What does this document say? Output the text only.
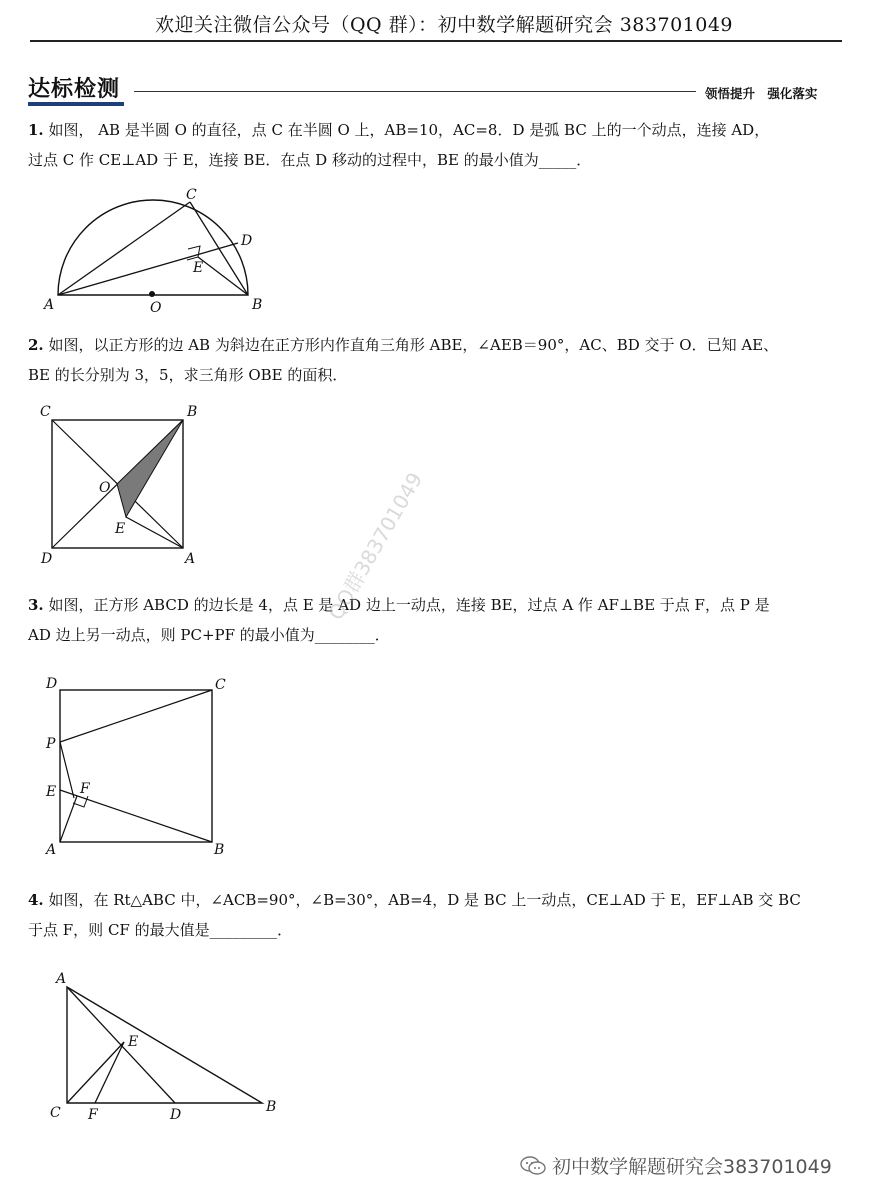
欢迎关注微信公众号（QQ 群）：初中数学解题研究会 383701049
达标检测	领悟提升 强化落实
1. 如图， AB 是半圆 O 的直径，点 C 在半圆 O 上，AB=10，AC=8．D 是弧 BC 上的一个动点，连接 AD，
过点 C 作 CE⊥AD 于 E，连接 BE．在点 D 移动的过程中，BE 的最小值为_____．
A	B
C
D
E
O
2. 如图，以正方形的边 AB 为斜边在正方形内作直角三角形 ABE，∠AEB＝90°，AC、BD 交于 O．已知 AE、
BE 的长分别为 3，5，求三角形 OBE 的面积．
C	B
D	A
O
E
3. 如图，正方形 ABCD 的边长是 4，点 E 是 AD 边上一动点，连接 BE，过点 A 作 AF⊥BE 于点 F，点 P 是
AD 边上另一动点，则 PC+PF 的最小值为________．
D	C
P
E F
A	B
4. 如图，在 Rt△ABC 中，∠ACB=90°，∠B=30°，AB=4，D 是 BC 上一动点，CE⊥AD 于 E，EF⊥AB 交 BC
于点 F，则 CF 的最大值是_________．
A
E
C F	D	B
QQ群383701049
初中数学解题研究会383701049
